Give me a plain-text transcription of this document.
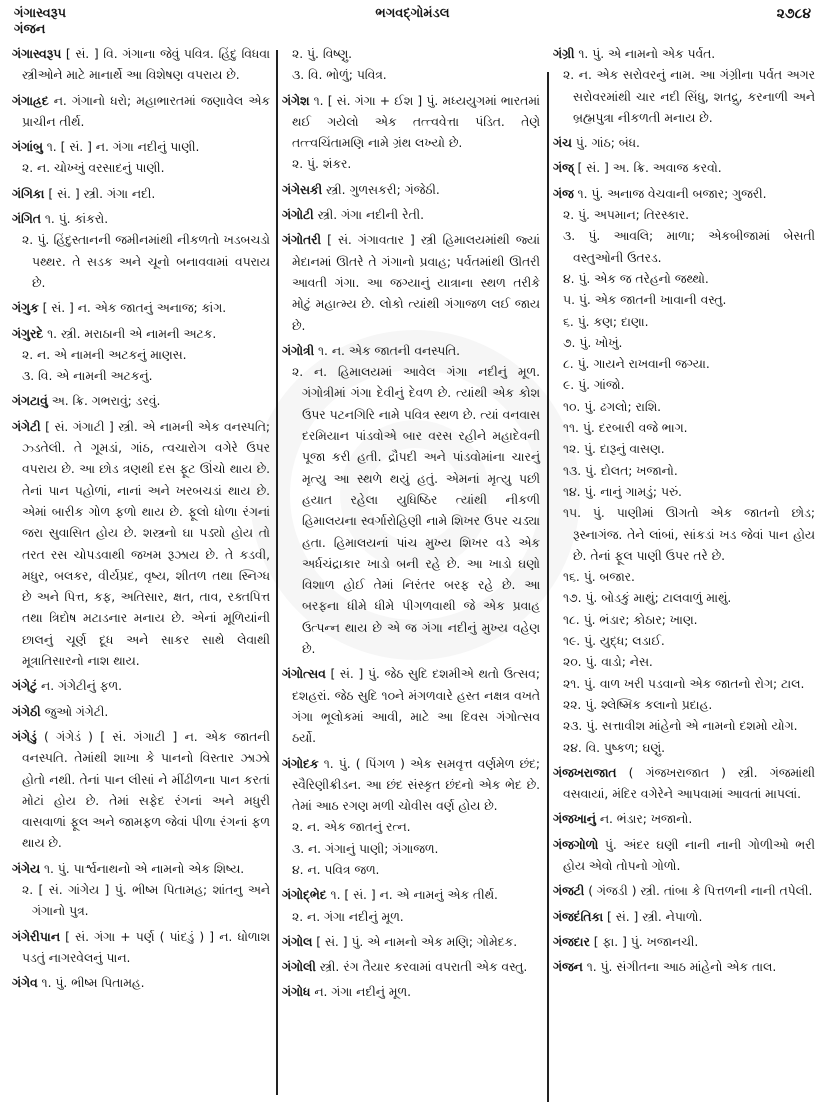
ગંગાસ્વરૂપ
ગંજન
ભગવદ્ગોમંડલ	૨૭૮૪
ગંગાસ્વરૂપ [ સં. ] વિ. ગંગાના જેવું પવિત્ર. હિંદુ વિધવા સ્ત્રીઓને માટે માનાર્થે આ વિશેષણ વપરાય છે.
ગંગાહ્રદ ન. ગંગાનો ધરો; મહાભારતમાં જણાવેલ એક પ્રાચીન તીર્થ.
ગંગાંબુ ૧. [ સં. ] ન. ગંગા નદીનું પાણી.
૨. ન. ચોખ્ખું વરસાદનું પાણી.
ગંગિકા [ સં. ] સ્ત્રી. ગંગા નદી.
ગંગિત ૧. પું. કાંકરો.
૨. પું. હિંદુસ્તાનની જમીનમાંથી નીકળતો ખડબચડો પથ્થર. તે સડક અને ચૂનો બનાવવામાં વપરાય છે.
ગંગુક [ સં. ] ન. એક જાતનું અનાજ; કાંગ.
ગંગુરદે ૧. સ્ત્રી. મરાઠાની એ નામની અટક.
૨. ન. એ નામની અટકનું માણસ.
૩. વિ. એ નામની અટકનું.
ગંગટાવું અ. ક્રિ. ગભરાવું; ડરવું.
ગંગેટી [ સં. ગંગાટી ] સ્ત્રી. એ નામની એક વનસ્પતિ; ઝ્ડતેલી. તે ગૂમડાં, ગાંઠ, ત્વચારોગ વગેરે ઉપર વપરાય છે. આ છોડ ત્રણથી દસ ફૂટ ઊંચો થાય છે. તેનાં પાન પહોળાં, નાનાં અને ખરબચડાં થાય છે. એમાં બારીક ગોળ ફળો થાય છે. ફૂલો ધોળા રંગનાં જરા સુવાસિત હોય છે. શસ્ત્રનો ઘા પડ્યો હોય તો તરત રસ ચોપડવાથી જખમ રૂઝાય છે. તે કડવી, મધુર, બલકર, વીર્યપ્રદ, વૃષ્ય, શીતળ તથા સ્નિગ્ધ છે અને પિત્ત, કફ, અતિસાર, ક્ષત, તાવ, રક્તપિત્ત તથા ત્રિદોષ મટાડનાર મનાય છે. એનાં મૂળિયાંની છાલનું ચૂર્ણ દૂધ અને સાકર સાથે લેવાથી મૂત્રાતિસારનો નાશ થાય.
ગંગેટું ન. ગંગેટીનું ફળ.
ગંગેઠી જુઓ ગંગેટી.
ગંગેડું ( ગંગેડં ) [ સં. ગંગાટી ] ન. એક જાતની વનસ્પતિ. તેમાંથી શાખા કે પાનનો વિસ્તાર ઝાઝો હોતો નથી. તેનાં પાન લીસાં ને મીંઢીળના પાન કરતાં મોટાં હોય છે. તેમાં સફેદ રંગનાં અને મધુરી વાસવાળાં ફૂલ અને જામફળ જેવાં પીળા રંગનાં ફળ થાય છે.
ગંગેય ૧. પું. પાર્શ્વનાથનો એ નામનો એક શિષ્ય.
૨. [ સં. ગાંગેય ] પું. ભીષ્મ પિતામહ; શાંતનુ અને ગંગાનો પુત્ર.
ગંગેરીપાન [ સં. ગંગા + પર્ણ ( પાંદડું ) ] ન. ધોળાશ પડતું નાગરવેલનું પાન.
ગંગેવ ૧. પું. ભીષ્મ પિતામહ.
૨. પું. વિષ્ણુ.
૩. વિ. ભોળું; પવિત્ર.
ગંગેશ ૧. [ સં. ગંગા + ઈશ ] પું. મધ્યયુગમાં ભારતમાં થઈ ગયેલો એક તત્ત્વવેત્તા પંડિત. તેણે તત્ત્વચિંતામણિ નામે ગ્રંથ લખ્યો છે.
૨. પું. શંકર.
ગંગેસકી સ્ત્રી. ગુળસકરી; ગંજેઠી.
ગંગોટી સ્ત્રી. ગંગા નદીની રેતી.
ગંગોતરી [ સં. ગંગાવતાર ] સ્ત્રી હિમાલયમાંથી જ્યાં મેદાનમાં ઊતરે તે ગંગાનો પ્રવાહ; પર્વતમાંથી ઊતરી આવતી ગંગા. આ જગ્યાનું યાત્રાના સ્થળ તરીકે મોટું મહાત્મ્ય છે. લોકો ત્યાંથી ગંગાજળ લઈ જાય છે.
ગંગોત્રી ૧. ન. એક જાતની વનસ્પતિ.
૨. ન. હિમાલયમાં આવેલ ગંગા નદીનું મૂળ. ગંગોત્રીમાં ગંગા દેવીનું દેવળ છે. ત્યાંથી એક કોશ ઉપર પટનગિરિ નામે પવિત્ર સ્થળ છે. ત્યાં વનવાસ દરમિયાન પાંડવોએ બાર વરસ રહીને મહાદેવની પૂજા કરી હતી. દ્રૌપદી અને પાંડવોમાંના ચારનું મૃત્યુ આ સ્થળે થયું હતું. એમનાં મૃત્યુ પછી હયાત રહેલા યુધિષ્ઠિર ત્યાંથી નીકળી હિમાલયના સ્વર્ગારોહિણી નામે શિખર ઉપર ચડ્યા હતા. હિમાલયનાં પાંચ મુખ્ય શિખર વડે એક અર્ધચંદ્રાકાર ખાડો બની રહે છે. આ ખાડો ઘણો વિશાળ હોઈ તેમાં નિરંતર બરફ રહે છે. આ બરફના ધીમે ધીમે પીગળવાથી જે એક પ્રવાહ ઉત્પન્ન થાય છે એ જ ગંગા નદીનું મુખ્ય વહેણ છે.
ગંગોત્સવ [ સં. ] પું. જેઠ સુદિ દશમીએ થતો ઉત્સવ; દશહરાં. જેઠ સુદિ ૧૦ને મંગળવારે હસ્ત નક્ષત્ર વખતે ગંગા ભૂલોકમાં આવી, માટે આ દિવસ ગંગોત્સવ ઠર્યો.
ગંગોદક ૧. પું. ( પિંગળ ) એક સમવૃત્ત વર્ણમેળ છંદ; સ્વૈરિણીક્રીડન. આ છંદ સંસ્કૃત છંદનો એક ભેદ છે. તેમાં આઠ રગણ મળી ચોવીસ વર્ણ હોય છે.
૨. ન. એક જાતનું રત્ન.
૩. ન. ગંગાનું પાણી; ગંગાજળ.
૪. ન. પવિત્ર જળ.
ગંગોદ્ભેદ ૧. [ સં. ] ન. એ નામનું એક તીર્થ.
૨. ન. ગંગા નદીનું મૂળ.
ગંગોલ [ સં. ] પું. એ નામનો એક મણિ; ગોમેદક.
ગંગોલી સ્ત્રી. રંગ તૈયાર કરવામાં વપરાતી એક વસ્તુ.
ગંગોધ ન. ગંગા નદીનું મૂળ.
ગંગ્રી ૧. પું. એ નામનો એક પર્વત.
૨. ન. એક સરોવરનું નામ. આ ગંગ્રીના પર્વત અગર સરોવરમાંથી ચાર નદી સિંધુ, શતદ્રુ, કરનાળી અને બ્રહ્મપુત્રા નીકળતી મનાય છે.
ગંચ પું. ગાંઠ; બંધ.
ગંજ્ [ સં. ] અ. ક્રિ. અવાજ કરવો.
ગંજ ૧. પું. અનાજ વેચવાની બજાર; ગુજરી.
૨. પું. અપમાન; તિરસ્કાર.
૩. પું. આવલિ; માળા; એકબીજામાં બેસતી વસ્તુઓની ઉતરડ.
૪. પું. એક જ તરેહનો જથ્થો.
૫. પું. એક જાતની ખાવાની વસ્તુ.
૬. પું. કણ; દાણા.
૭. પું. ખોખું.
૮. પું. ગાયને રાખવાની જગ્યા.
૯. પું. ગાંજો.
૧૦. પું. ઢગલો; રાશિ.
૧૧. પું. દરબારી વજે ભાગ.
૧૨. પું. દારૂનું વાસણ.
૧૩. પું. દોલત; ખજાનો.
૧૪. પું. નાનું ગામડું; પરું.
૧૫. પું. પાણીમાં ઊગતો એક જાતનો છોડ; રૂસ્નાગંજ. તેને લાંબાં, સાંકડાં ખડ જેવાં પાન હોય છે. તેનાં ફૂલ પાણી ઉપર તરે છે.
૧૬. પું. બજાર.
૧૭. પું. બોડકું માથું; ટાલવાળું માથું.
૧૮. પું. ભંડાર; કોઠાર; ખાણ.
૧૯. પું. યુદ્ધ; લડાઈ.
૨૦. પું. વાડો; નેસ.
૨૧. પું. વાળ ખરી પડવાનો એક જાતનો રોગ; ટાલ.
૨૨. પું. શ્લેષ્મિક કલાનો પ્રદાહ.
૨૩. પું. સત્તાવીશ માંહેનો એ નામનો દશમો યોગ.
૨૪. વિ. પુષ્કળ; ઘણું.
ગંજખરાજાત ( ગંજખરાજાત ) સ્ત્રી. ગંજમાંથી વસવાયાં, મંદિર વગેરેને આપવામાં આવતાં માપલાં.
ગંજખાનું ન. ભંડાર; ખજાનો.
ગંજગોળો પું. અંદર ઘણી નાની નાની ગોળીઓ ભરી હોય એવો તોપનો ગોળો.
ગંજટી ( ગંજડી ) સ્ત્રી. તાંબા કે પિત્તળની નાની તપેલી.
ગંજદંતિકા [ સં. ] સ્ત્રી. નેપાળો.
ગંજદાર [ ફા. ] પું. ખજાનચી.
ગંજન ૧. પું. સંગીતના આઠ માંહેનો એક તાલ.
